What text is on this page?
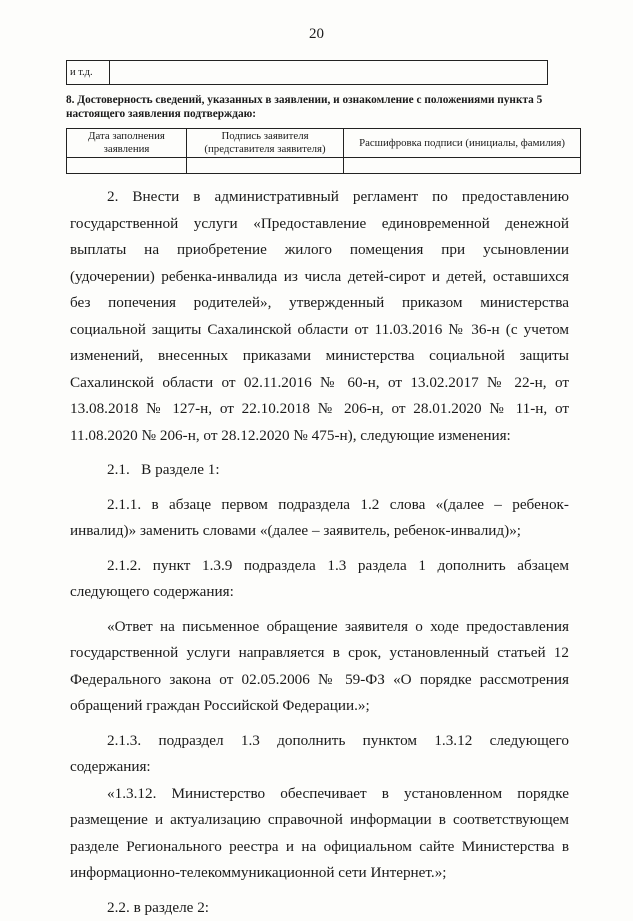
20
и т.д.	
8. Достоверность сведений, указанных в заявлении, и ознакомление с положениями пункта 5 настоящего заявления подтверждаю:
Дата заполнения заявления	Подпись заявителя (представителя заявителя)	Расшифровка подписи (инициалы, фамилия)

2. Внести в административный регламент по предоставлению государственной услуги «Предоставление единовременной денежной выплаты на приобретение жилого помещения при усыновлении (удочерении) ребенка-инвалида из числа детей-сирот и детей, оставшихся без попечения родителей», утвержденный приказом министерства социальной защиты Сахалинской области от 11.03.2016 № 36-н (с учетом изменений, внесенных приказами министерства социальной защиты Сахалинской области от 02.11.2016 № 60-н, от 13.02.2017 № 22-н, от 13.08.2018 № 127-н, от 22.10.2018 № 206-н, от 28.01.2020 № 11-н, от 11.08.2020 № 206-н, от 28.12.2020 № 475-н), следующие изменения:

2.1.   В разделе 1:

2.1.1. в абзаце первом подраздела 1.2 слова «(далее – ребенок-инвалид)» заменить словами «(далее – заявитель, ребенок-инвалид)»;

2.1.2. пункт 1.3.9 подраздела 1.3 раздела 1 дополнить абзацем следующего содержания:

«Ответ на письменное обращение заявителя о ходе предоставления государственной услуги направляется в срок, установленный статьей 12 Федерального закона от 02.05.2006 № 59-ФЗ «О порядке рассмотрения обращений граждан Российской Федерации.»;

2.1.3. подраздел 1.3 дополнить пунктом 1.3.12 следующего содержания:

«1.3.12. Министерство обеспечивает в установленном порядке размещение и актуализацию справочной информации в соответствующем разделе Регионального реестра и на официальном сайте Министерства в информационно-телекоммуникационной сети Интернет.»;

2.2. в разделе 2:
